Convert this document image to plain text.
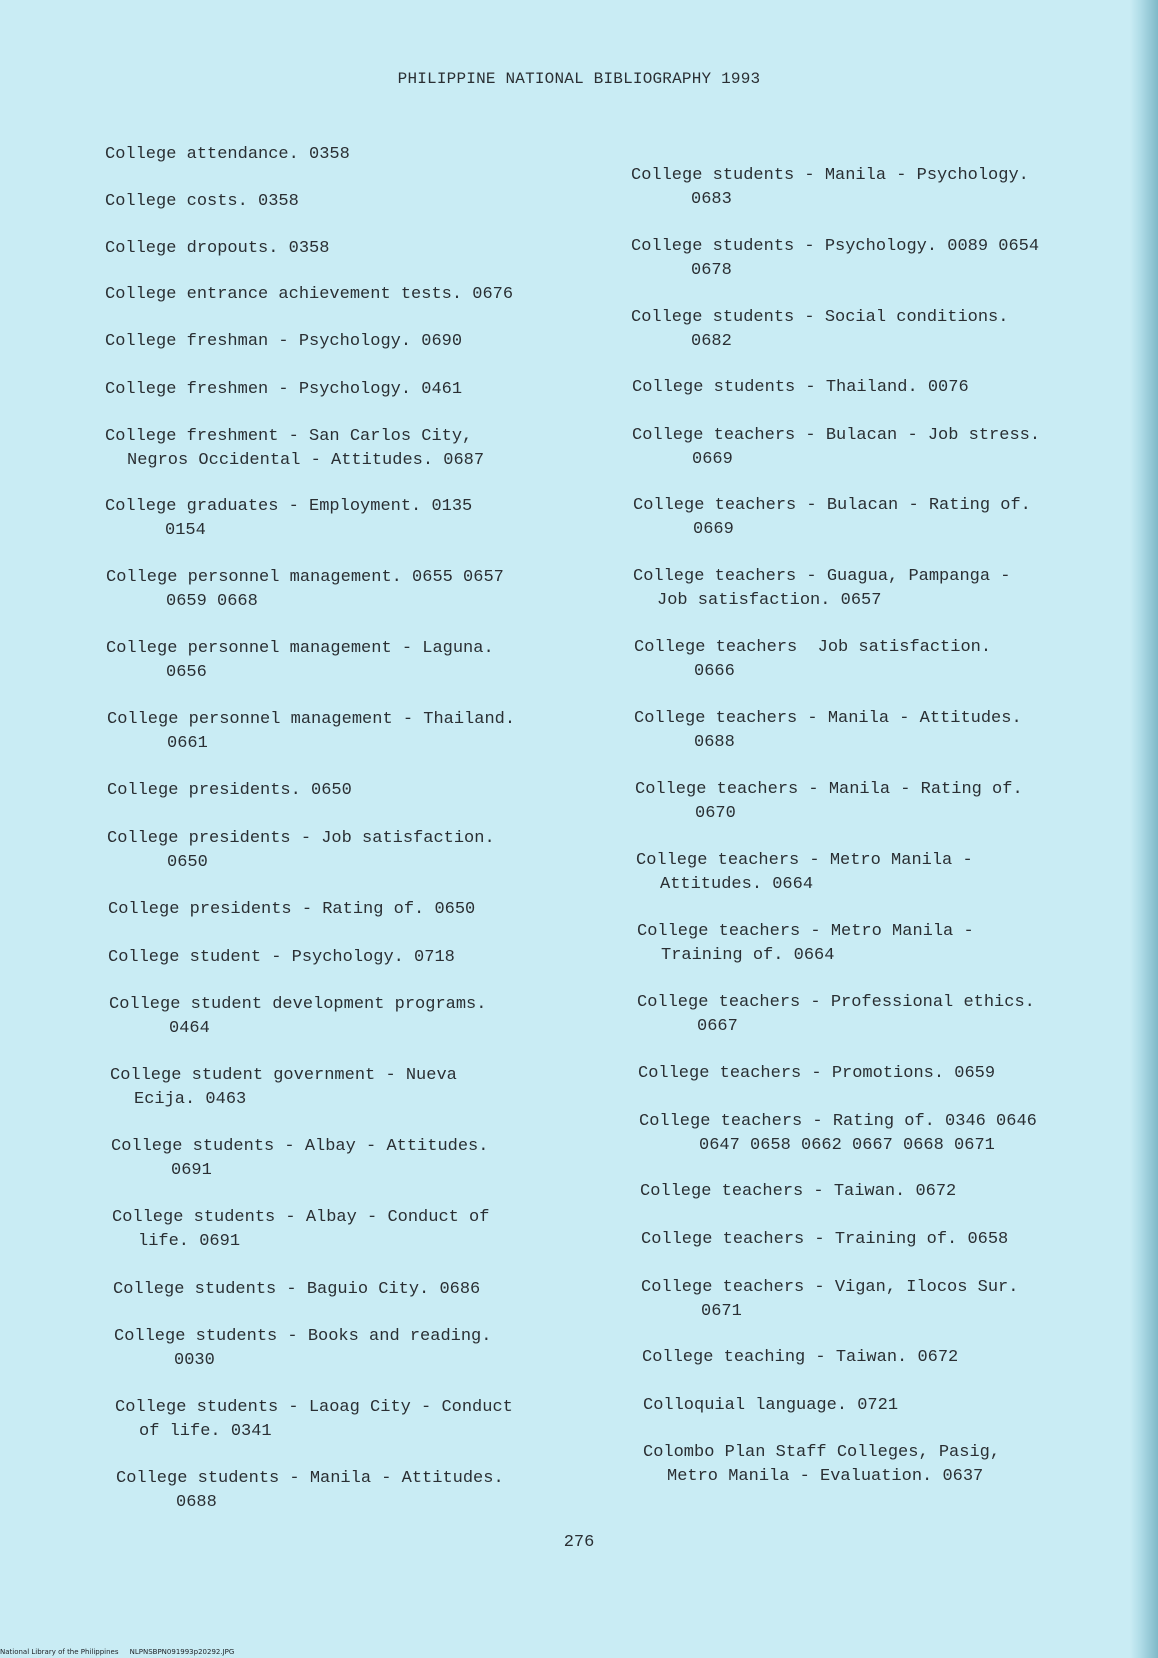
PHILIPPINE NATIONAL BIBLIOGRAPHY 1993
College attendance. 0358
College costs. 0358
College dropouts. 0358
College entrance achievement tests. 0676
College freshman - Psychology. 0690
College freshmen - Psychology. 0461
College freshment - San Carlos City,
Negros Occidental - Attitudes. 0687
College graduates - Employment. 0135
0154
College personnel management. 0655 0657
0659 0668
College personnel management - Laguna.
0656
College personnel management - Thailand.
0661
College presidents. 0650
College presidents - Job satisfaction.
0650
College presidents - Rating of. 0650
College student - Psychology. 0718
College student development programs.
0464
College student government - Nueva
Ecija. 0463
College students - Albay - Attitudes.
0691
College students - Albay - Conduct of
life. 0691
College students - Baguio City. 0686
College students - Books and reading.
0030
College students - Laoag City - Conduct
of life. 0341
College students - Manila - Attitudes.
0688
College students - Manila - Psychology.
0683
College students - Psychology. 0089 0654
0678
College students - Social conditions.
0682
College students - Thailand. 0076
College teachers - Bulacan - Job stress.
0669
College teachers - Bulacan - Rating of.
0669
College teachers - Guagua, Pampanga -
Job satisfaction. 0657
College teachers  Job satisfaction.
0666
College teachers - Manila - Attitudes.
0688
College teachers - Manila - Rating of.
0670
College teachers - Metro Manila -
Attitudes. 0664
College teachers - Metro Manila -
Training of. 0664
College teachers - Professional ethics.
0667
College teachers - Promotions. 0659
College teachers - Rating of. 0346 0646
0647 0658 0662 0667 0668 0671
College teachers - Taiwan. 0672
College teachers - Training of. 0658
College teachers - Vigan, Ilocos Sur.
0671
College teaching - Taiwan. 0672
Colloquial language. 0721
Colombo Plan Staff Colleges, Pasig,
Metro Manila - Evaluation. 0637
276
National Library of the Philippines     NLPNSBPN091993p20292.JPG
